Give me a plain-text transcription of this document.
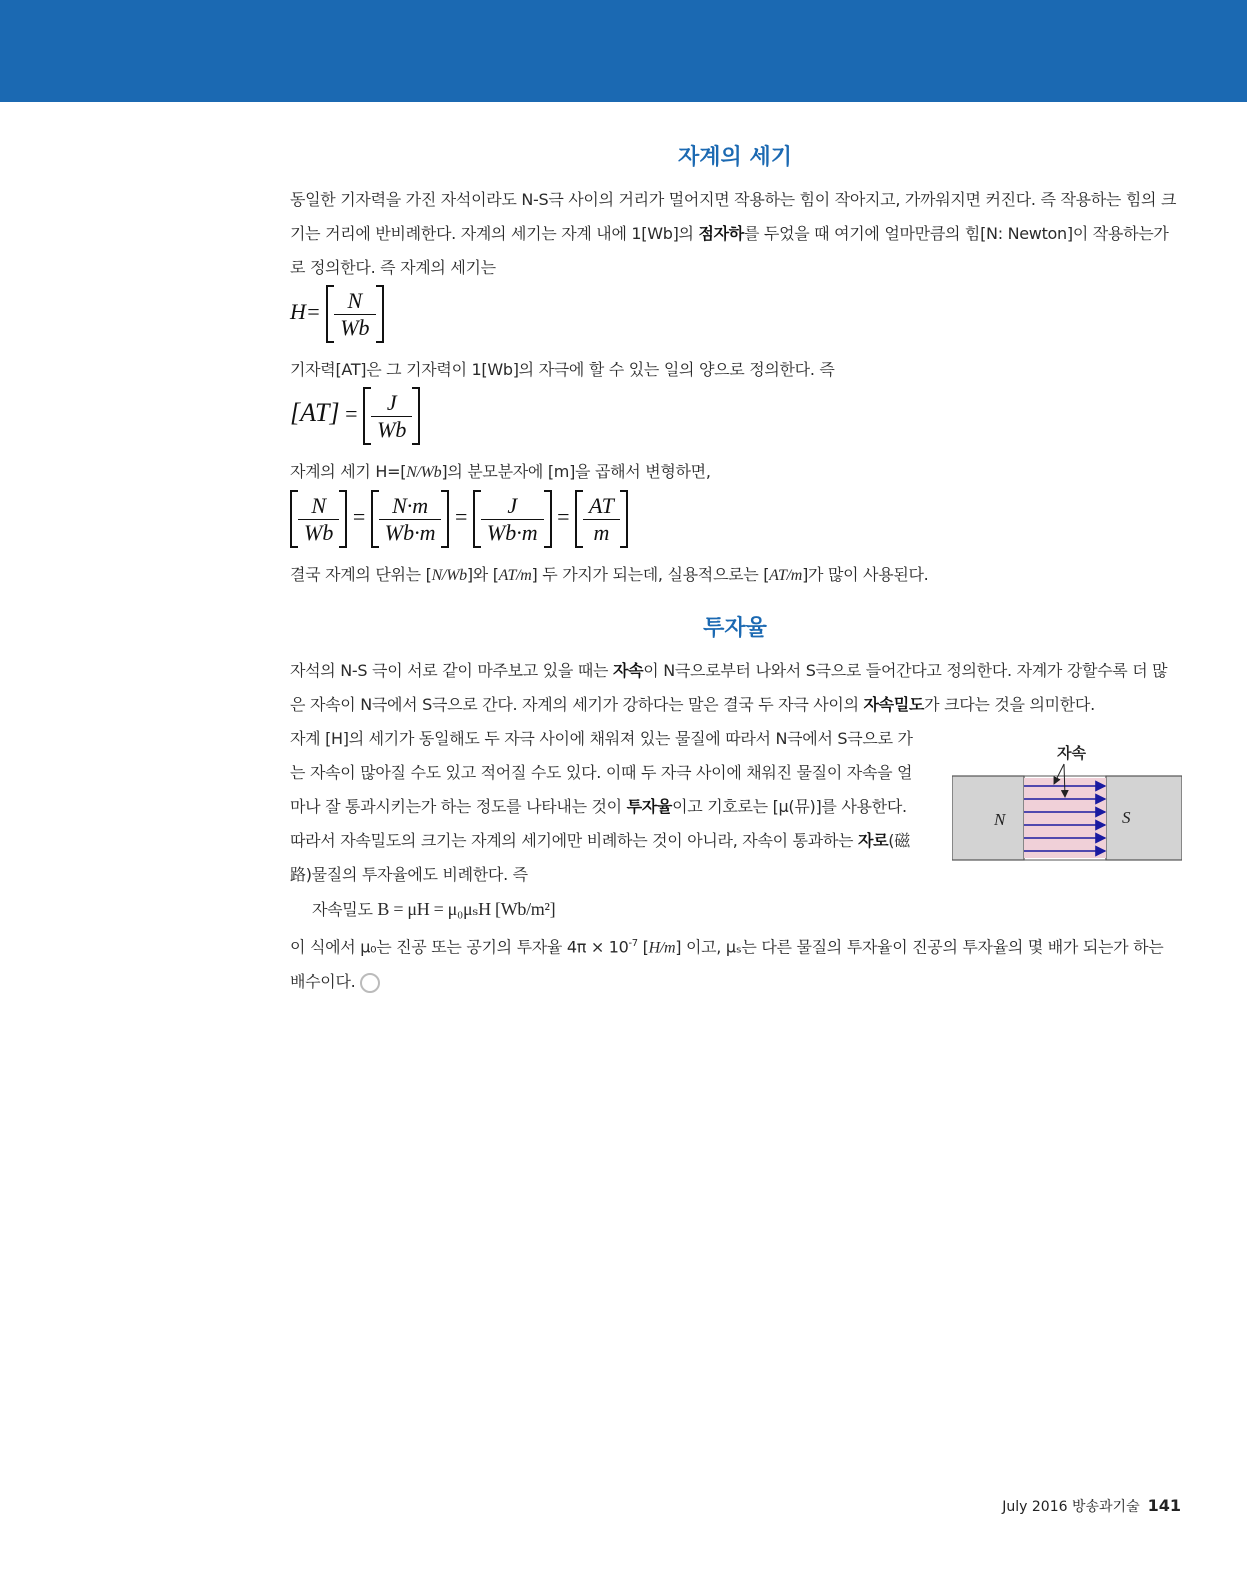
자계의 세기

동일한 기자력을 가진 자석이라도 N-S극 사이의 거리가 멀어지면 작용하는 힘이 작아지고, 가까워지면 커진다. 즉 작용하는 힘의 크기는 거리에 반비례한다. 자계의 세기는 자계 내에 1[Wb]의 점자하를 두었을 때 여기에 얼마만큼의 힘[N: Newton]이 작용하는가로 정의한다. 즉 자계의 세기는

$H= \frac{N}{Wb}$

기자력[AT]은 그 기자력이 1[Wb]의 자극에 할 수 있는 일의 양으로 정의한다. 즉

$[AT] = \frac{J}{Wb}$

자계의 세기 H=[N/Wb]의 분모분자에 [m]을 곱해서 변형하면,

$\frac{N}{Wb} = \frac{N\cdot m}{Wb\cdot m} = \frac{J}{Wb\cdot m} = \frac{AT}{m}$

결국 자계의 단위는 [N/Wb]와 [AT/m] 두 가지가 되는데, 실용적으로는 [AT/m]가 많이 사용된다.

투자율

자석의 N-S 극이 서로 같이 마주보고 있을 때는 자속이 N극으로부터 나와서 S극으로 들어간다고 정의한다. 자계가 강할수록 더 많은 자속이 N극에서 S극으로 간다. 자계의 세기가 강하다는 말은 결국 두 자극 사이의 자속밀도가 크다는 것을 의미한다.

자계 [H]의 세기가 동일해도 두 자극 사이에 채워져 있는 물질에 따라서 N극에서 S극으로 가는 자속이 많아질 수도 있고 적어질 수도 있다. 이때 두 자극 사이에 채워진 물질이 자속을 얼마나 잘 통과시키는가 하는 정도를 나타내는 것이 투자율이고 기호로는 [μ(뮤)]를 사용한다. 따라서 자속밀도의 크기는 자계의 세기에만 비례하는 것이 아니라, 자속이 통과하는 자로(磁路)물질의 투자율에도 비례한다. 즉

자속밀도 B = μH = μ₀μₛH [Wb/m²]

이 식에서 μ₀는 진공 또는 공기의 투자율 $4\pi \times 10^{-7}$ [H/m] 이고, μₛ는 다른 물질의 투자율이 진공의 투자율의 몇 배가 되는가 하는 배수이다.

자속
N	S
July 2016 방송과기술 141
